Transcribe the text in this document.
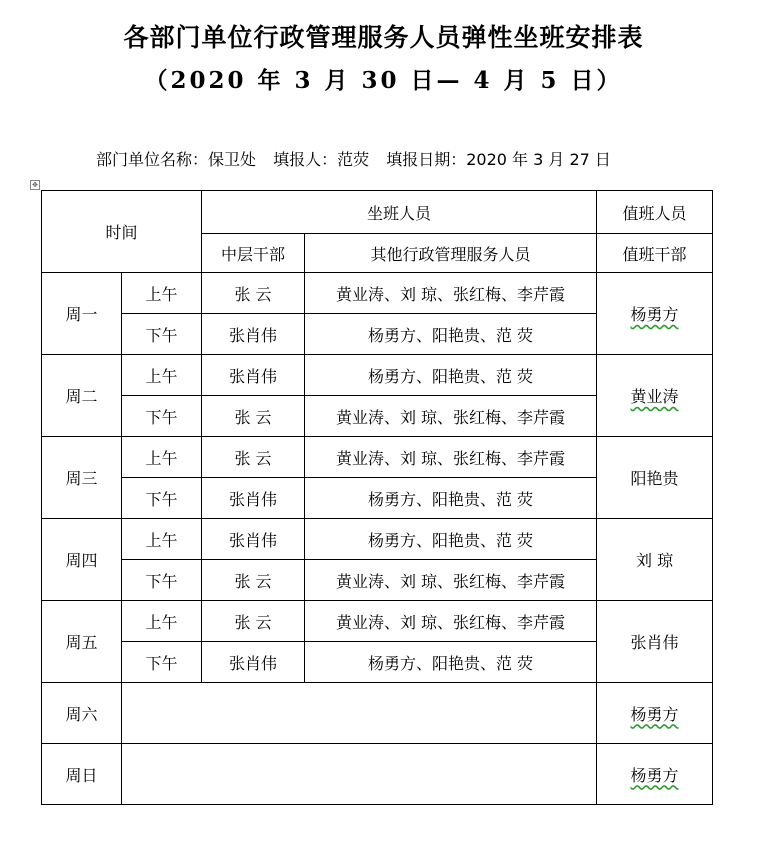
各部门单位行政管理服务人员弹性坐班安排表
（2020 年 3 月 30 日— 4 月 5 日）
部门单位名称：保卫处 填报人：范荧 填报日期：2020 年 3 月 27 日
✥
时间		坐班人员		值班人员
		中层干部	其他行政管理服务人员	值班干部
周一	上午	张 云	黄业涛、刘 琼、张红梅、李芹霞	杨勇方
	下午	张肖伟	杨勇方、阳艳贵、范 荧	
周二	上午	张肖伟	杨勇方、阳艳贵、范 荧	黄业涛
	下午	张 云	黄业涛、刘 琼、张红梅、李芹霞	
周三	上午	张 云	黄业涛、刘 琼、张红梅、李芹霞	阳艳贵
	下午	张肖伟	杨勇方、阳艳贵、范 荧	
周四	上午	张肖伟	杨勇方、阳艳贵、范 荧	刘 琼
	下午	张 云	黄业涛、刘 琼、张红梅、李芹霞	
周五	上午	张 云	黄业涛、刘 琼、张红梅、李芹霞	张肖伟
	下午	张肖伟	杨勇方、阳艳贵、范 荧	
周六				杨勇方
周日				杨勇方
